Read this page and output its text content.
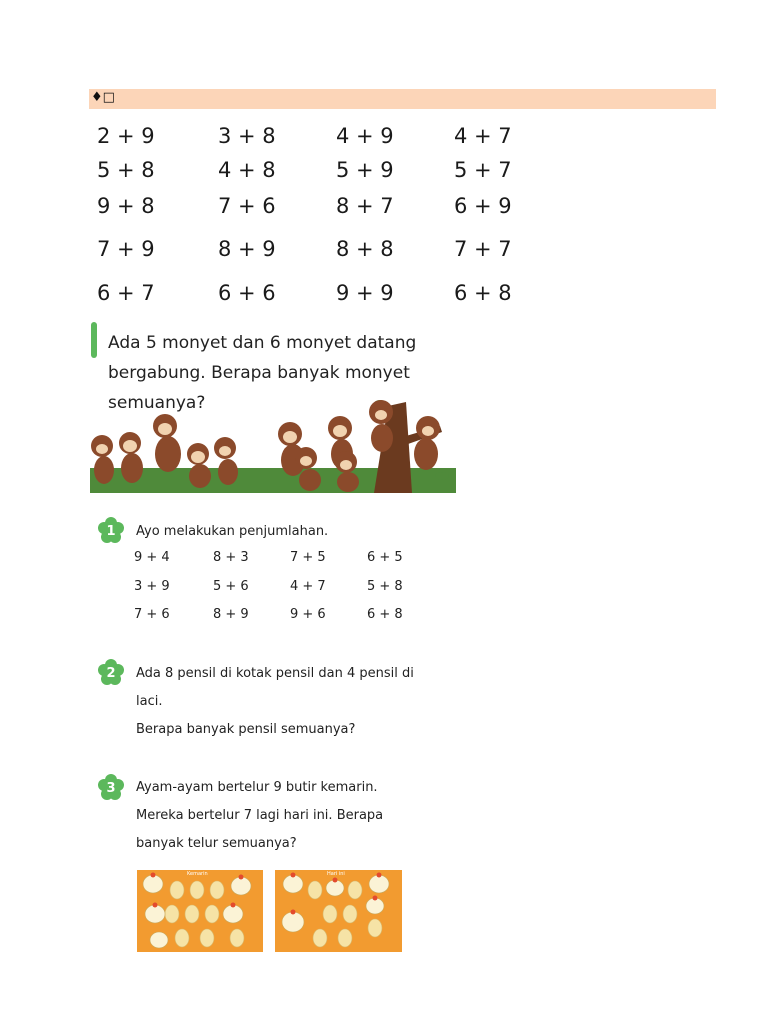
♦□
2 + 9	3 + 8	4 + 9	4 + 7
5 + 8	4 + 8	5 + 9	5 + 7
9 + 8	7 + 6	8 + 7	6 + 9
7 + 9	8 + 9	8 + 8	7 + 7
6 + 7	6 + 6	9 + 9	6 + 8
Ada 5 monyet dan 6 monyet datang
bergabung. Berapa banyak monyet
semuanya?
1 Ayo melakukan penjumlahan.
9 + 4	8 + 3	7 + 5	6 + 5
3 + 9	5 + 6	4 + 7	5 + 8
7 + 6	8 + 9	9 + 6	6 + 8
2 Ada 8 pensil di kotak pensil dan 4 pensil di
laci.
Berapa banyak pensil semuanya?
3 Ayam-ayam bertelur 9 butir kemarin.
Mereka bertelur 7 lagi hari ini. Berapa
banyak telur semuanya?
Kemarin	Hari ini
